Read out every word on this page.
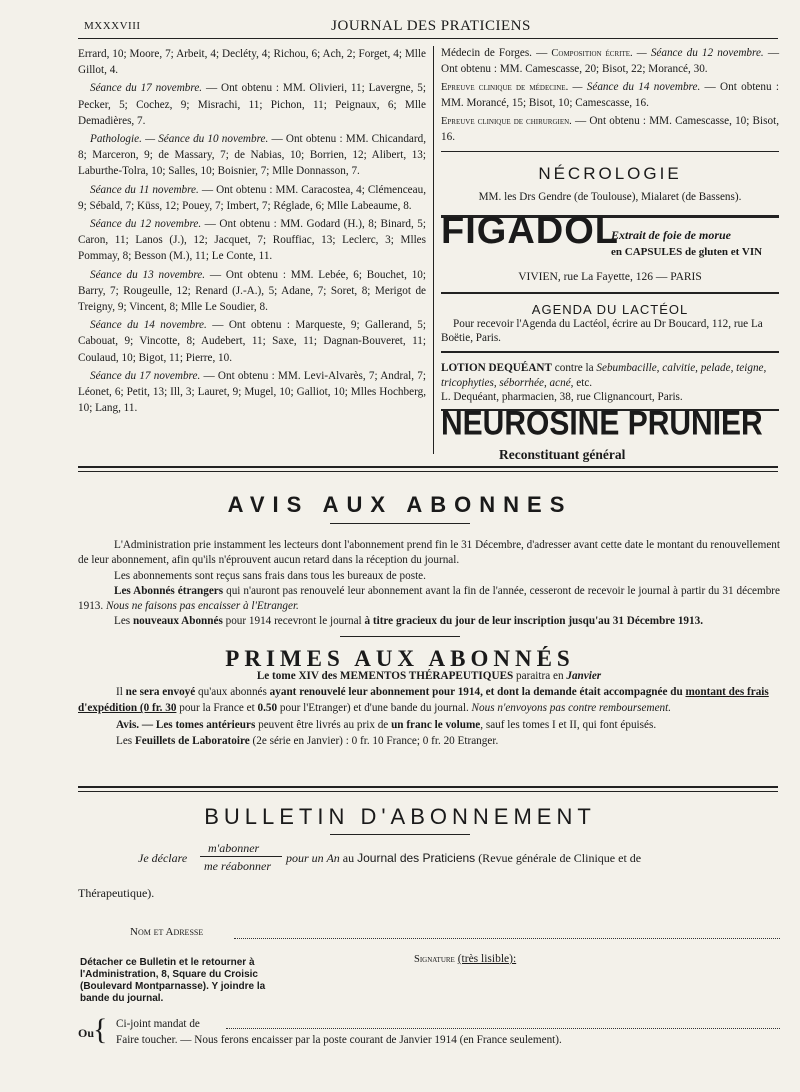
MXXXVIII	JOURNAL DES PRATICIENS

Errard, 10; Moore, 7; Arbeit, 4; Decléty, 4; Richou, 6; Ach, 2; Forget, 4; Mlle Gillot, 4.

Séance du 17 novembre. — Ont obtenu : MM. Olivieri, 11; Lavergne, 5; Pecker, 5; Cochez, 9; Misrachi, 11; Pichon, 11; Peignaux, 6; Mlle Demadières, 7.

Pathologie. — Séance du 10 novembre. — Ont obtenu : MM. Chicandard, 8; Marceron, 9; de Massary, 7; de Nabias, 10; Borrien, 12; Alibert, 13; Laburthe-Tolra, 10; Salles, 10; Boisnier, 7; Mlle Donnasson, 7.

Séance du 11 novembre. — Ont obtenu : MM. Caracostea, 4; Clémenceau, 9; Sébald, 7; Küss, 12; Pouey, 7; Imbert, 7; Réglade, 6; Mlle Labeaume, 8.

Séance du 12 novembre. — Ont obtenu : MM. Godard (H.), 8; Binard, 5; Caron, 11; Lanos (J.), 12; Jacquet, 7; Rouffiac, 13; Leclerc, 3; Mlles Pommay, 8; Besson (M.), 11; Le Conte, 11.

Séance du 13 novembre. — Ont obtenu : MM. Lebée, 6; Bouchet, 10; Barry, 7; Rougeulle, 12; Renard (J.-A.), 5; Adane, 7; Soret, 8; Merigot de Treigny, 9; Vincent, 8; Mlle Le Soudier, 8.

Séance du 14 novembre. — Ont obtenu : Marqueste, 9; Gallerand, 5; Cabouat, 9; Vincotte, 8; Audebert, 11; Saxe, 11; Dagnan-Bouveret, 11; Coulaud, 10; Bigot, 11; Pierre, 10.

Séance du 17 novembre. — Ont obtenu : MM. Levi-Alvarès, 7; Andral, 7; Léonet, 6; Petit, 13; Ill, 3; Lauret, 9; Mugel, 10; Galliot, 10; Mlles Hochberg, 10; Lang, 11.

Médecin de Forges. — Composition écrite. — Séance du 12 novembre. — Ont obtenu : MM. Camescasse, 20; Bisot, 22; Morancé, 30.

Epreuve clinique de médecine. — Séance du 14 novembre. — Ont obtenu : MM. Morancé, 15; Bisot, 10; Camescasse, 16.

Epreuve clinique de chirurgien. — Ont obtenu : MM. Camescasse, 10; Bisot, 16.

NÉCROLOGIE
MM. les Drs Gendre (de Toulouse), Mialaret (de Bassens).
FIGADOL
Extrait de foie de morue
en CAPSULES de gluten et VIN
VIVIEN, rue La Fayette, 126 — PARIS
AGENDA DU LACTÉOL
Pour recevoir l'Agenda du Lactéol, écrire au Dr Boucard, 112, rue La Boëtie, Paris.
LOTION DEQUÉANT contre la Sebumbacille, calvitie, pelade, teigne, tricophyties, séborrhée, acné, etc.
L. Dequéant, pharmacien, 38, rue Clignancourt, Paris.
NEUROSINE PRUNIER
Reconstituant général
AVIS AUX ABONNES

L'Administration prie instamment les lecteurs dont l'abonnement prend fin le 31 Décembre, d'adresser avant cette date le montant du renouvellement de leur abonnement, afin qu'ils n'éprouvent aucun retard dans la réception du journal.

Les abonnements sont reçus sans frais dans tous les bureaux de poste.

Les Abonnés étrangers qui n'auront pas renouvelé leur abonnement avant la fin de l'année, cesseront de recevoir le journal à partir du 31 décembre 1913. Nous ne faisons pas encaisser à l'Etranger.

Les nouveaux Abonnés pour 1914 recevront le journal à titre gracieux du jour de leur inscription jusqu'au 31 Décembre 1913.

PRIMES AUX ABONNÉS

Le tome XIV des MEMENTOS THÉRAPEUTIQUES paraitra en Janvier

Il ne sera envoyé qu'aux abonnés ayant renouvelé leur abonnement pour 1914, et dont la demande était accompagnée du montant des frais d'expédition (0 fr. 30 pour la France et 0.50 pour l'Etranger) et d'une bande du journal. Nous n'envoyons pas contre remboursement.

Avis. — Les tomes antérieurs peuvent être livrés au prix de un franc le volume, sauf les tomes I et II, qui font épuisés.

Les Feuillets de Laboratoire (2e série en Janvier) : 0 fr. 10 France; 0 fr. 20 Etranger.

BULLETIN D'ABONNEMENT
Je déclare
m'abonner
me réabonner
pour un An au Journal des Praticiens (Revue générale de Clinique et de
Thérapeutique).
Nom et Adresse
Détacher ce Bulletin et le retourner à l'Administration, 8, Square du Croisic (Boulevard Montparnasse). Y joindre la bande du journal.
Signature (très lisible):
Ou
{ Ci-joint mandat de
Faire toucher. — Nous ferons encaisser par la poste courant de Janvier 1914 (en France seulement).
